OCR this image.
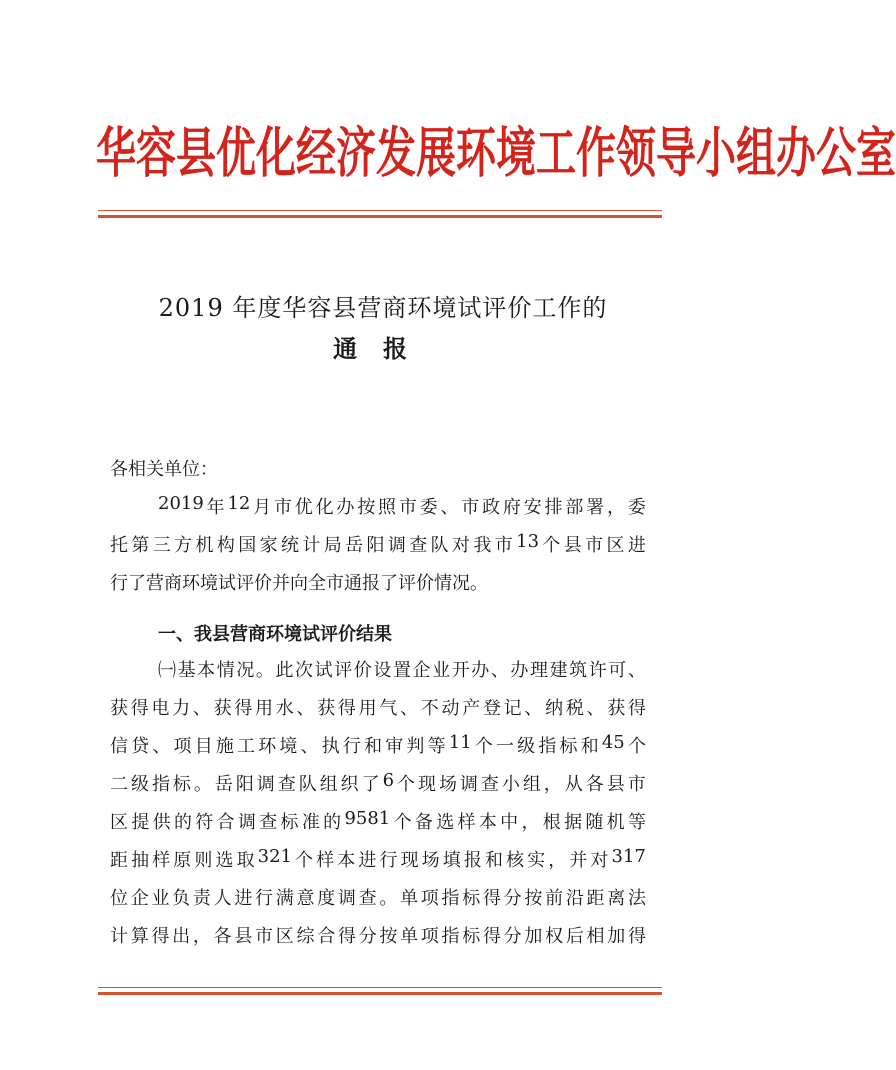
华容县优化经济发展环境工作领导小组办公室
2019 年度华容县营商环境试评价工作的
通报
各相关单位：
2019 年 12 月 市 优 化 办 按 照 市 委 、 市 政 府 安 排 部 署 ， 委
托 第 三 方 机 构 国 家 统 计 局 岳 阳 调 查 队 对 我 市 13 个 县 市 区 进
行了营商环境试评价并向全市通报了评价情况。
一、我县营商环境试评价结果
㈠ 基 本 情 况 。 此 次 试 评 价 设 置 企 业 开 办 、 办 理 建 筑 许 可 、
获 得 电 力 、 获 得 用 水 、 获 得 用 气 、 不 动 产 登 记 、 纳 税 、 获 得
信 贷 、 项 目 施 工 环 境 、 执 行 和 审 判 等 11 个 一 级 指 标 和 45 个
二 级 指 标 。 岳 阳 调 查 队 组 织 了 6 个 现 场 调 查 小 组 ， 从 各 县 市
区 提 供 的 符 合 调 查 标 准 的 9581 个 备 选 样 本 中 ， 根 据 随 机 等
距 抽 样 原 则 选 取 321 个 样 本 进 行 现 场 填 报 和 核 实 ， 并 对 317
位 企 业 负 责 人 进 行 满 意 度 调 查 。 单 项 指 标 得 分 按 前 沿 距 离 法
计 算 得 出 ， 各 县 市 区 综 合 得 分 按 单 项 指 标 得 分 加 权 后 相 加 得
